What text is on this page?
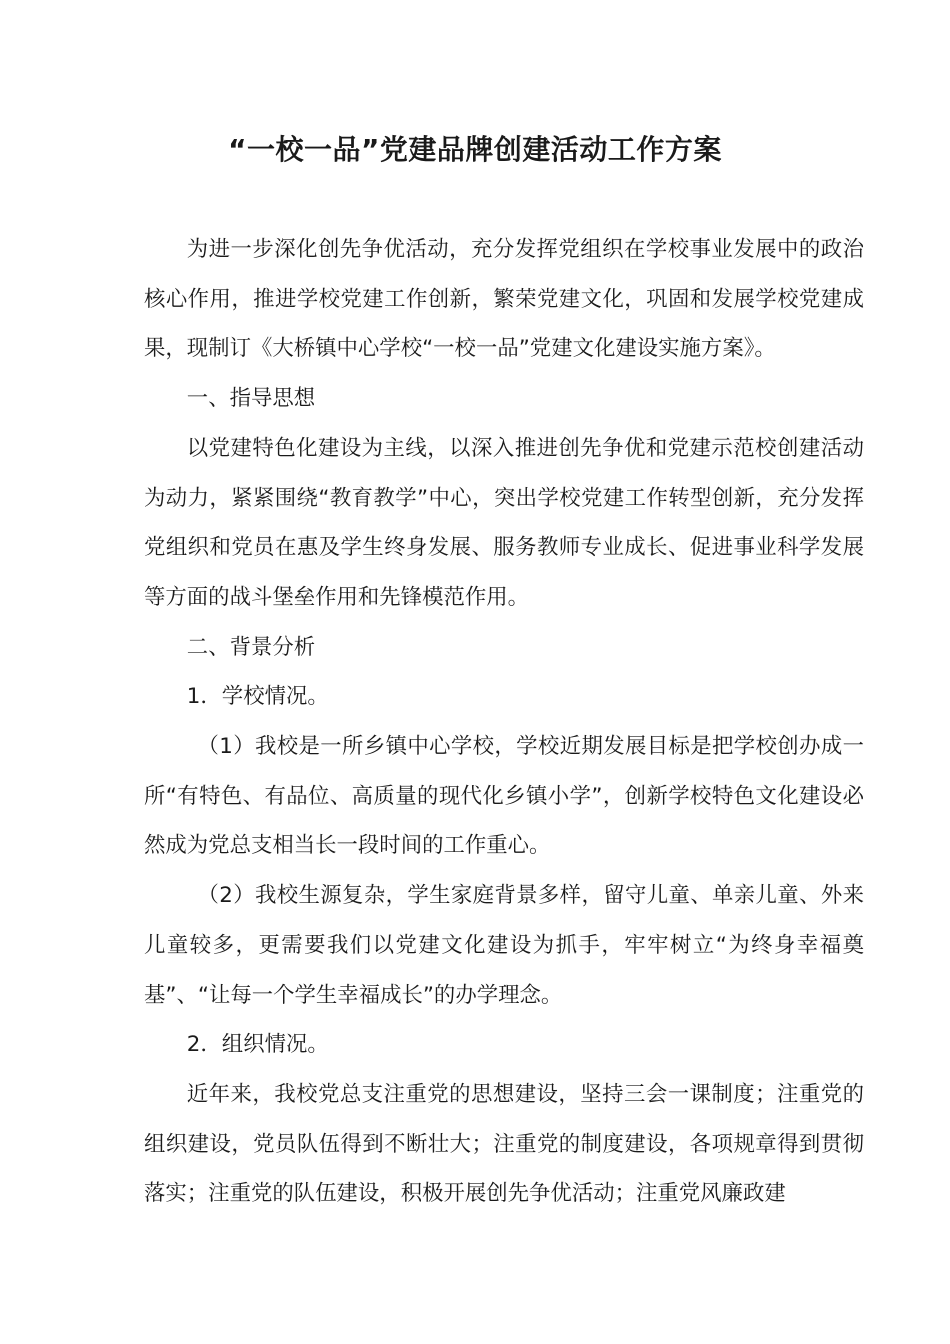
“一校一品”党建品牌创建活动工作方案

为进一步深化创先争优活动，充分发挥党组织在学校事业发展中的政治核心作用，推进学校党建工作创新，繁荣党建文化，巩固和发展学校党建成果，现制订《大桥镇中心学校“一校一品”党建文化建设实施方案》。

一、指导思想

以党建特色化建设为主线，以深入推进创先争优和党建示范校创建活动为动力，紧紧围绕“教育教学”中心，突出学校党建工作转型创新，充分发挥党组织和党员在惠及学生终身发展、服务教师专业成长、促进事业科学发展等方面的战斗堡垒作用和先锋模范作用。

二、背景分析

1．学校情况。

（1）我校是一所乡镇中心学校，学校近期发展目标是把学校创办成一所“有特色、有品位、高质量的现代化乡镇小学”，创新学校特色文化建设必然成为党总支相当长一段时间的工作重心。

（2）我校生源复杂，学生家庭背景多样，留守儿童、单亲儿童、外来儿童较多，更需要我们以党建文化建设为抓手，牢牢树立“为终身幸福奠基”、“让每一个学生幸福成长”的办学理念。

2．组织情况。

近年来，我校党总支注重党的思想建设，坚持三会一课制度；注重党的组织建设，党员队伍得到不断壮大；注重党的制度建设，各项规章得到贯彻落实；注重党的队伍建设，积极开展创先争优活动；注重党风廉政建
